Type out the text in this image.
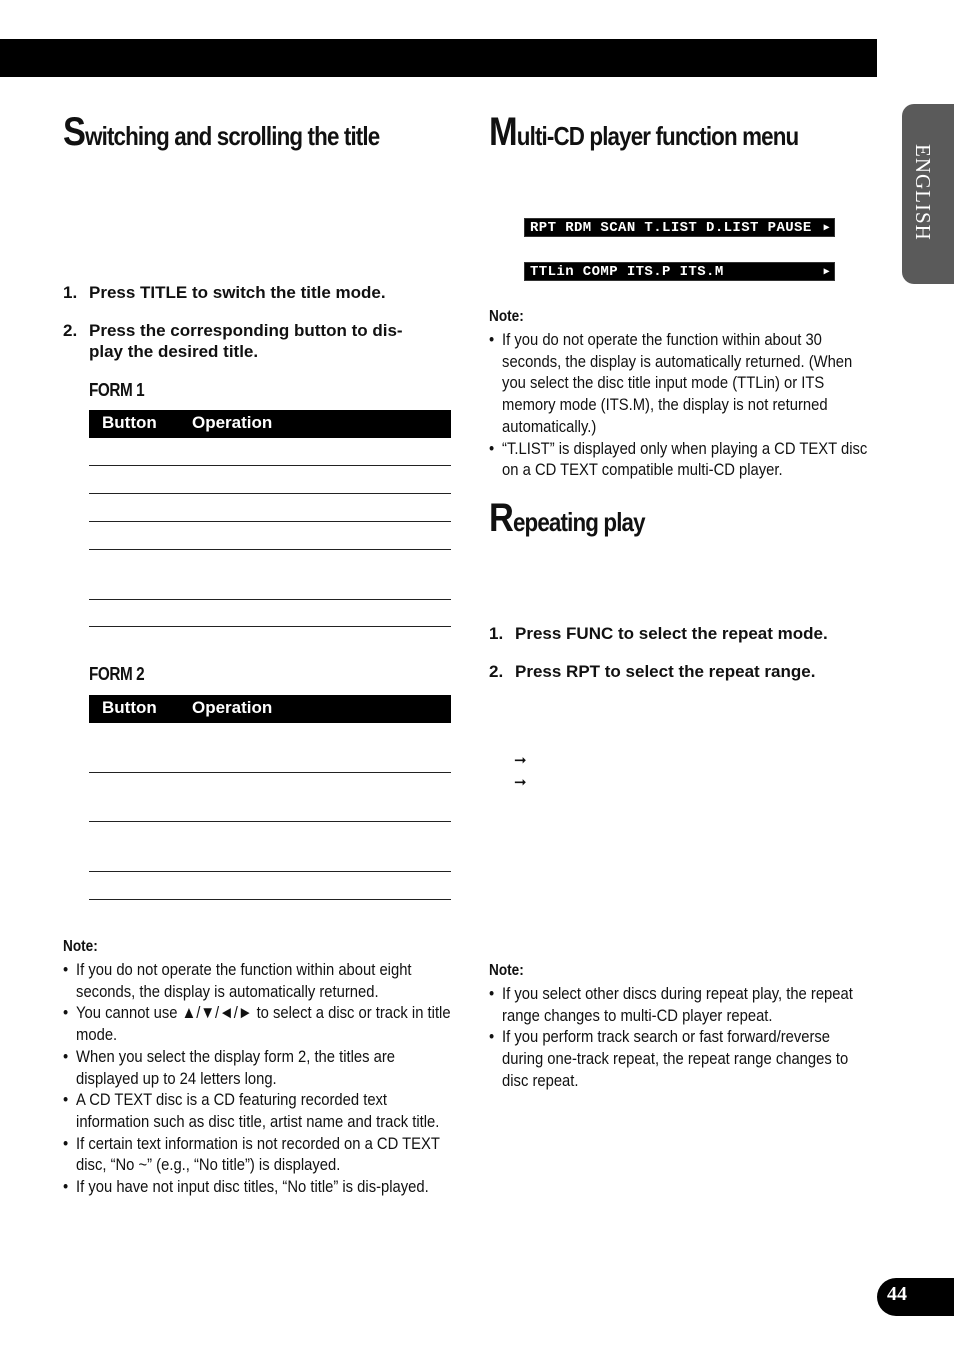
ENGLISH
44
Switching and scrolling the title
1. Press TITLE to switch the title mode.
2. Press the corresponding button to dis-play the desired title.
FORM 1
Button Operation
FORM 2
Button Operation
Note:
• If you do not operate the function within about eight seconds, the display is automatically returned.
• You cannot use ▲/▼/◄/► to select a disc or track in title mode.
• When you select the display form 2, the titles are displayed up to 24 letters long.
• A CD TEXT disc is a CD featuring recorded text information such as disc title, artist name and track title.
• If certain text information is not recorded on a CD TEXT disc, “No ~” (e.g., “No title”) is displayed.
• If you have not input disc titles, “No title” is dis-played.
Multi-CD player function menu
RPT RDM SCAN T.LIST D.LIST PAUSE ▶
TTLin COMP ITS.P ITS.M	▶
Note:
• If you do not operate the function within about 30 seconds, the display is automatically returned. (When you select the disc title input mode (TTLin) or ITS memory mode (ITS.M), the display is not returned automatically.)
• “T.LIST” is displayed only when playing a CD TEXT disc on a CD TEXT compatible multi-CD player.
Repeating play
1. Press FUNC to select the repeat mode.
2. Press RPT to select the repeat range.
➞
➞
Note:
• If you select other discs during repeat play, the repeat range changes to multi-CD player repeat.
• If you perform track search or fast forward/reverse during one-track repeat, the repeat range changes to disc repeat.
